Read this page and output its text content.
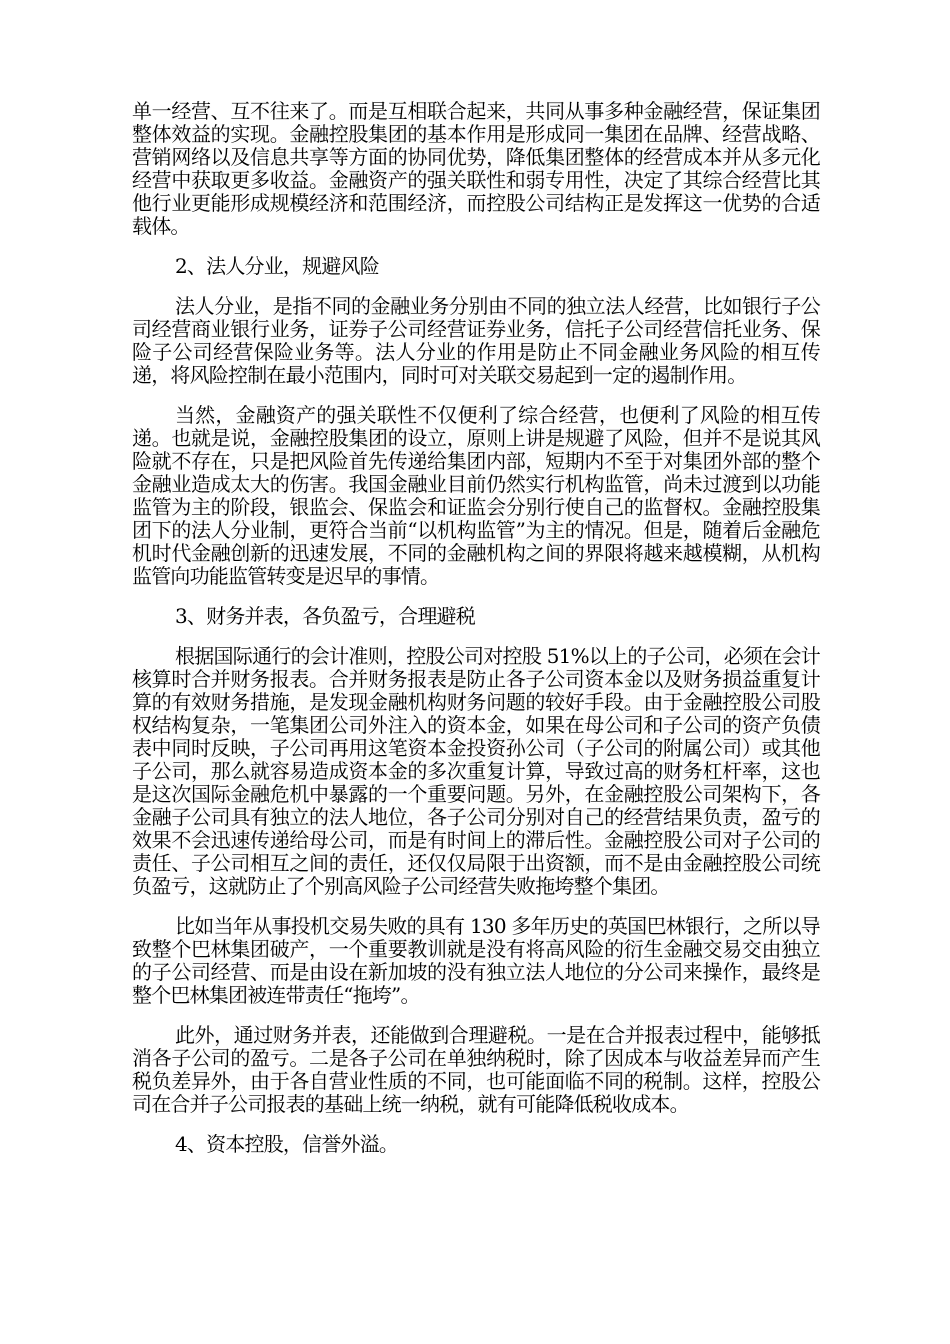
单一经营、互不往来了。而是互相联合起来，共同从事多种金融经营，保证集团整体效益的实现。金融控股集团的基本作用是形成同一集团在品牌、经营战略、营销网络以及信息共享等方面的协同优势，降低集团整体的经营成本并从多元化经营中获取更多收益。金融资产的强关联性和弱专用性，决定了其综合经营比其他行业更能形成规模经济和范围经济，而控股公司结构正是发挥这一优势的合适载体。

2、法人分业，规避风险

法人分业，是指不同的金融业务分别由不同的独立法人经营，比如银行子公司经营商业银行业务，证券子公司经营证券业务，信托子公司经营信托业务、保险子公司经营保险业务等。法人分业的作用是防止不同金融业务风险的相互传递，将风险控制在最小范围内，同时可对关联交易起到一定的遏制作用。

当然，金融资产的强关联性不仅便利了综合经营，也便利了风险的相互传递。也就是说，金融控股集团的设立，原则上讲是规避了风险，但并不是说其风险就不存在，只是把风险首先传递给集团内部，短期内不至于对集团外部的整个金融业造成太大的伤害。我国金融业目前仍然实行机构监管，尚未过渡到以功能监管为主的阶段，银监会、保监会和证监会分别行使自己的监督权。金融控股集团下的法人分业制，更符合当前“以机构监管”为主的情况。但是，随着后金融危机时代金融创新的迅速发展，不同的金融机构之间的界限将越来越模糊，从机构监管向功能监管转变是迟早的事情。

3、财务并表，各负盈亏，合理避税

根据国际通行的会计准则，控股公司对控股 51%以上的子公司，必须在会计核算时合并财务报表。合并财务报表是防止各子公司资本金以及财务损益重复计算的有效财务措施，是发现金融机构财务问题的较好手段。由于金融控股公司股权结构复杂，一笔集团公司外注入的资本金，如果在母公司和子公司的资产负债表中同时反映，子公司再用这笔资本金投资孙公司（子公司的附属公司）或其他子公司，那么就容易造成资本金的多次重复计算，导致过高的财务杠杆率，这也是这次国际金融危机中暴露的一个重要问题。另外，在金融控股公司架构下，各金融子公司具有独立的法人地位，各子公司分别对自己的经营结果负责，盈亏的效果不会迅速传递给母公司，而是有时间上的滞后性。金融控股公司对子公司的责任、子公司相互之间的责任，还仅仅局限于出资额，而不是由金融控股公司统负盈亏，这就防止了个别高风险子公司经营失败拖垮整个集团。

比如当年从事投机交易失败的具有 130 多年历史的英国巴林银行，之所以导致整个巴林集团破产，一个重要教训就是没有将高风险的衍生金融交易交由独立的子公司经营、而是由设在新加坡的没有独立法人地位的分公司来操作，最终是整个巴林集团被连带责任“拖垮”。

此外，通过财务并表，还能做到合理避税。一是在合并报表过程中，能够抵消各子公司的盈亏。二是各子公司在单独纳税时，除了因成本与收益差异而产生税负差异外，由于各自营业性质的不同，也可能面临不同的税制。这样，控股公司在合并子公司报表的基础上统一纳税，就有可能降低税收成本。

4、资本控股，信誉外溢。
